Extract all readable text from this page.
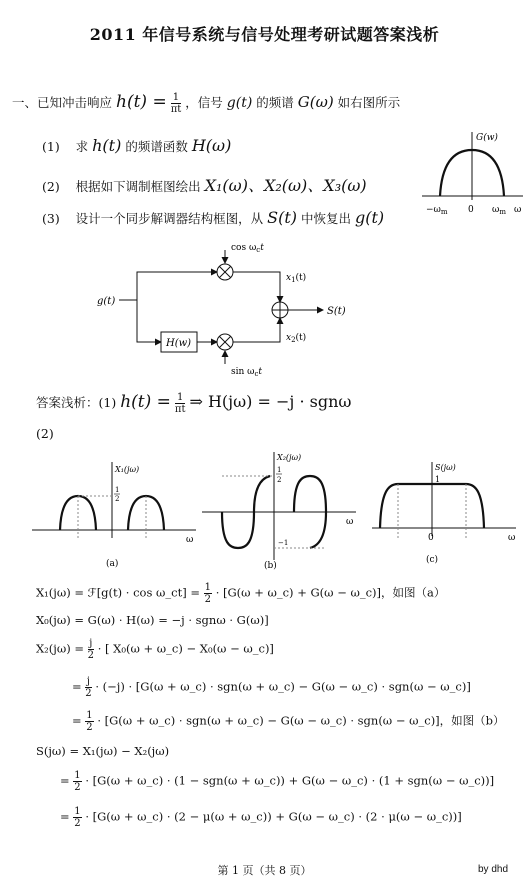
2011 年信号系统与信号处理考研试题答案浅析
一、已知冲击响应 $h(t) = \frac{1}{\pi t}$ ，信号 g(t) 的频谱 G(ω) 如右图所示
(1) 求 h(t) 的频谱函数 H(ω)
(2) 根据如下调制框图绘出 X₁(ω)、X₂(ω)、X₃(ω)
(3) 设计一个同步解调器结构框图，从 S(t) 中恢复出 g(t)
G(w)
$-\omega_m$ 0 $\omega_m$ ω
g(t)
H(w)
$\cos \omega_ct$
$\sin \omega_ct$
$x_1(t)$
$x_2(t)$
S(t)
答案浅析：(1) $h(t) = \frac{1}{\pi t}$ ⇒ H(jω) = −j · sgnω
(2)
X₁(jω)
1
2
ω
(a)
X₂(jω)
1
2
−1
ω
(b)
S(jω)
1
0	ω
(c)
X₁(jω) = ℱ[g(t) · cos ω_ct] = $\frac{1}{2} \cdot [G(\omega$ + ω_c) + G(ω − ω_c)]，如图（a）
X₀(jω) = G(ω) · H(ω) = −j · sgnω · G(ω)]
$X_2(j\omega) = \frac{j}{2}$ · [ X₀(ω + ω_c) − X₀(ω − ω_c)]
= $\frac{j}{2} \cdot (-j) \cdot [G(\omega$ + ω_c) · sgn(ω + ω_c) − G(ω − ω_c) · sgn(ω − ω_c)]
= $\frac{1}{2} \cdot [G(\omega$ + ω_c) · sgn(ω + ω_c) − G(ω − ω_c) · sgn(ω − ω_c)]，如图（b）
S(jω) = X₁(jω) − X₂(jω)
= $\frac{1}{2} \cdot [G(\omega$ + ω_c) · (1 − sgn(ω + ω_c)) + G(ω − ω_c) · (1 + sgn(ω − ω_c))]
= $\frac{1}{2} \cdot [G(\omega$ + ω_c) · (2 − μ(ω + ω_c)) + G(ω − ω_c) · (2 · μ(ω − ω_c))]
第 1 页（共 8 页）	by dhd
